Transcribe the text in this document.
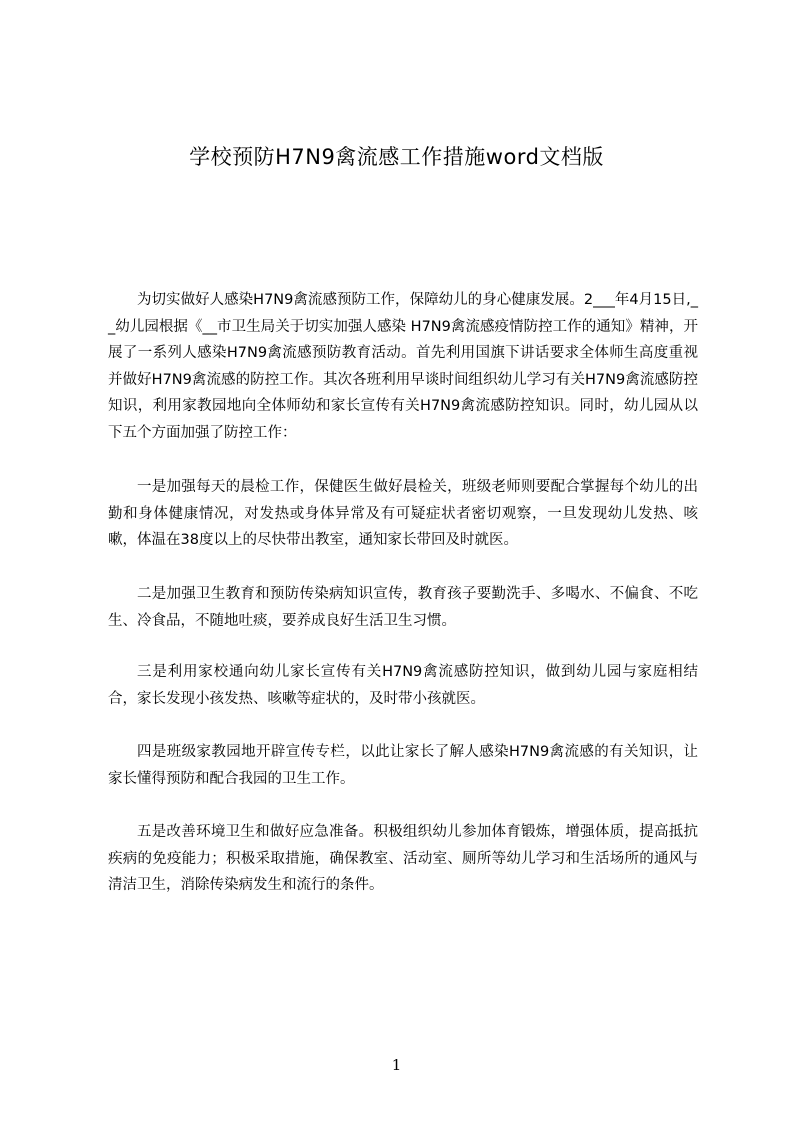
学校预防H7N9禽流感工作措施word文档版

为切实做好人感染H7N9禽流感预防工作，保障幼儿的身心健康发展。2___年4月15日,__幼儿园根据《__市卫生局关于切实加强人感染 H7N9禽流感疫情防控工作的通知》精神，开展了一系列人感染H7N9禽流感预防教育活动。首先利用国旗下讲话要求全体师生高度重视并做好H7N9禽流感的防控工作。其次各班利用早谈时间组织幼儿学习有关H7N9禽流感防控知识，利用家教园地向全体师幼和家长宣传有关H7N9禽流感防控知识。同时，幼儿园从以下五个方面加强了防控工作：

一是加强每天的晨检工作，保健医生做好晨检关，班级老师则要配合掌握每个幼儿的出勤和身体健康情况，对发热或身体异常及有可疑症状者密切观察，一旦发现幼儿发热、咳嗽，体温在38度以上的尽快带出教室，通知家长带回及时就医。

二是加强卫生教育和预防传染病知识宣传，教育孩子要勤洗手、多喝水、不偏食、不吃生、冷食品，不随地吐痰，要养成良好生活卫生习惯。

三是利用家校通向幼儿家长宣传有关H7N9禽流感防控知识，做到幼儿园与家庭相结合，家长发现小孩发热、咳嗽等症状的，及时带小孩就医。

四是班级家教园地开辟宣传专栏，以此让家长了解人感染H7N9禽流感的有关知识，让家长懂得预防和配合我园的卫生工作。

五是改善环境卫生和做好应急准备。积极组织幼儿参加体育锻炼，增强体质，提高抵抗疾病的免疫能力；积极采取措施，确保教室、活动室、厕所等幼儿学习和生活场所的通风与清洁卫生，消除传染病发生和流行的条件。

1
